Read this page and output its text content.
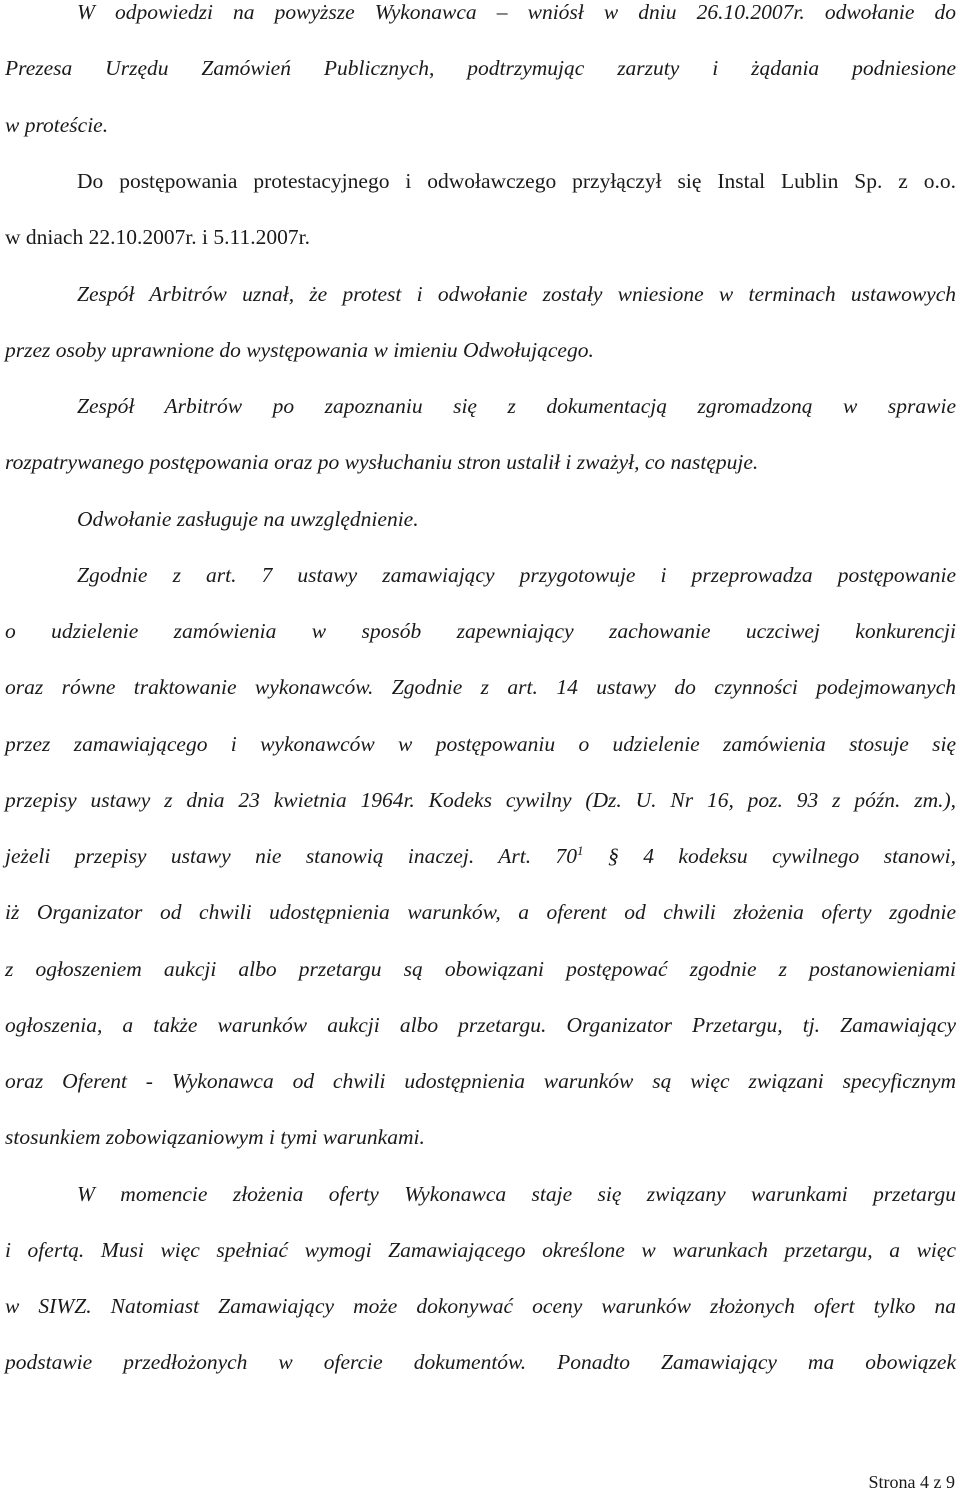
W odpowiedzi na powyższe Wykonawca – wniósł w dniu 26.10.2007r. odwołanie do
Prezesa Urzędu Zamówień Publicznych, podtrzymując zarzuty i żądania podniesione
w proteście.
Do postępowania protestacyjnego i odwoławczego przyłączył się Instal Lublin Sp. z o.o.
w dniach 22.10.2007r. i 5.11.2007r.
Zespół Arbitrów uznał, że protest i odwołanie zostały wniesione w terminach ustawowych
przez osoby uprawnione do występowania w imieniu Odwołującego.
Zespół Arbitrów po zapoznaniu się z dokumentacją zgromadzoną w sprawie
rozpatrywanego postępowania oraz po wysłuchaniu stron ustalił i zważył, co następuje.
Odwołanie zasługuje na uwzględnienie.
Zgodnie z art. 7 ustawy zamawiający przygotowuje i przeprowadza postępowanie
o udzielenie zamówienia w sposób zapewniający zachowanie uczciwej konkurencji
oraz równe traktowanie wykonawców. Zgodnie z art. 14 ustawy do czynności podejmowanych
przez zamawiającego i wykonawców w postępowaniu o udzielenie zamówienia stosuje się
przepisy ustawy z dnia 23 kwietnia 1964r. Kodeks cywilny (Dz. U. Nr 16, poz. 93 z późn. zm.),
jeżeli przepisy ustawy nie stanowią inaczej. Art. $70^1$ § 4 kodeksu cywilnego stanowi,
iż Organizator od chwili udostępnienia warunków, a oferent od chwili złożenia oferty zgodnie
z ogłoszeniem aukcji albo przetargu są obowiązani postępować zgodnie z postanowieniami
ogłoszenia, a także warunków aukcji albo przetargu. Organizator Przetargu, tj. Zamawiający
oraz Oferent - Wykonawca od chwili udostępnienia warunków są więc związani specyficznym
stosunkiem zobowiązaniowym i tymi warunkami.
W momencie złożenia oferty Wykonawca staje się związany warunkami przetargu
i ofertą. Musi więc spełniać wymogi Zamawiającego określone w warunkach przetargu, a więc
w SIWZ. Natomiast Zamawiający może dokonywać oceny warunków złożonych ofert tylko na
podstawie przedłożonych w ofercie dokumentów. Ponadto Zamawiający ma obowiązek
Strona 4 z 9
